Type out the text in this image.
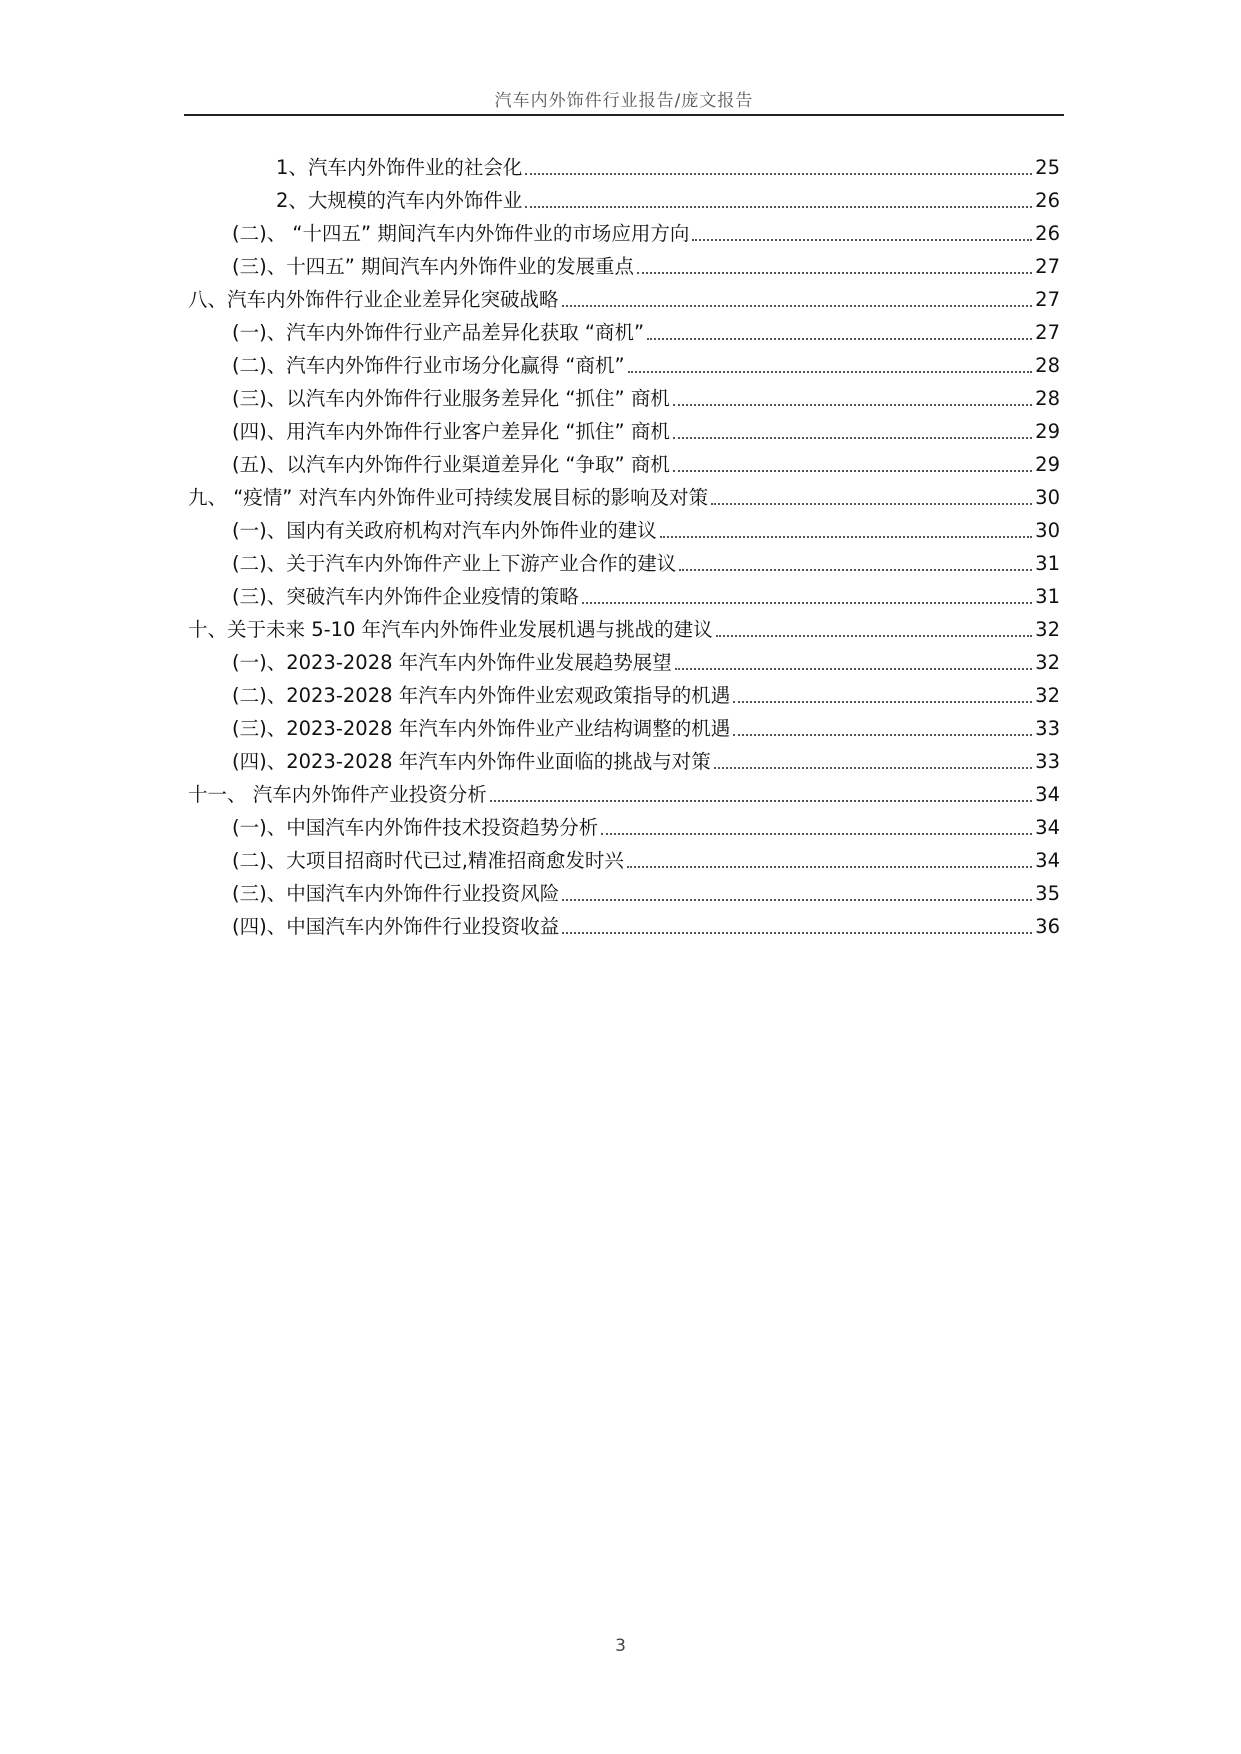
汽车内外饰件行业报告/庞文报告
1、汽车内外饰件业的社会化	25
2、大规模的汽车内外饰件业	26
(二)、 “十四五” 期间汽车内外饰件业的市场应用方向	26
(三)、十四五” 期间汽车内外饰件业的发展重点	27
八、汽车内外饰件行业企业差异化突破战略	27
(一)、汽车内外饰件行业产品差异化获取 “商机”	27
(二)、汽车内外饰件行业市场分化赢得 “商机”	28
(三)、以汽车内外饰件行业服务差异化 “抓住” 商机	28
(四)、用汽车内外饰件行业客户差异化 “抓住” 商机	29
(五)、以汽车内外饰件行业渠道差异化 “争取” 商机	29
九、 “疫情” 对汽车内外饰件业可持续发展目标的影响及对策	30
(一)、国内有关政府机构对汽车内外饰件业的建议	30
(二)、关于汽车内外饰件产业上下游产业合作的建议	31
(三)、突破汽车内外饰件企业疫情的策略	31
十、关于未来 5-10 年汽车内外饰件业发展机遇与挑战的建议	32
(一)、2023-2028 年汽车内外饰件业发展趋势展望	32
(二)、2023-2028 年汽车内外饰件业宏观政策指导的机遇	32
(三)、2023-2028 年汽车内外饰件业产业结构调整的机遇	33
(四)、2023-2028 年汽车内外饰件业面临的挑战与对策	33
十一、 汽车内外饰件产业投资分析	34
(一)、中国汽车内外饰件技术投资趋势分析	34
(二)、大项目招商时代已过,精准招商愈发时兴	34
(三)、中国汽车内外饰件行业投资风险	35
(四)、中国汽车内外饰件行业投资收益	36
3
